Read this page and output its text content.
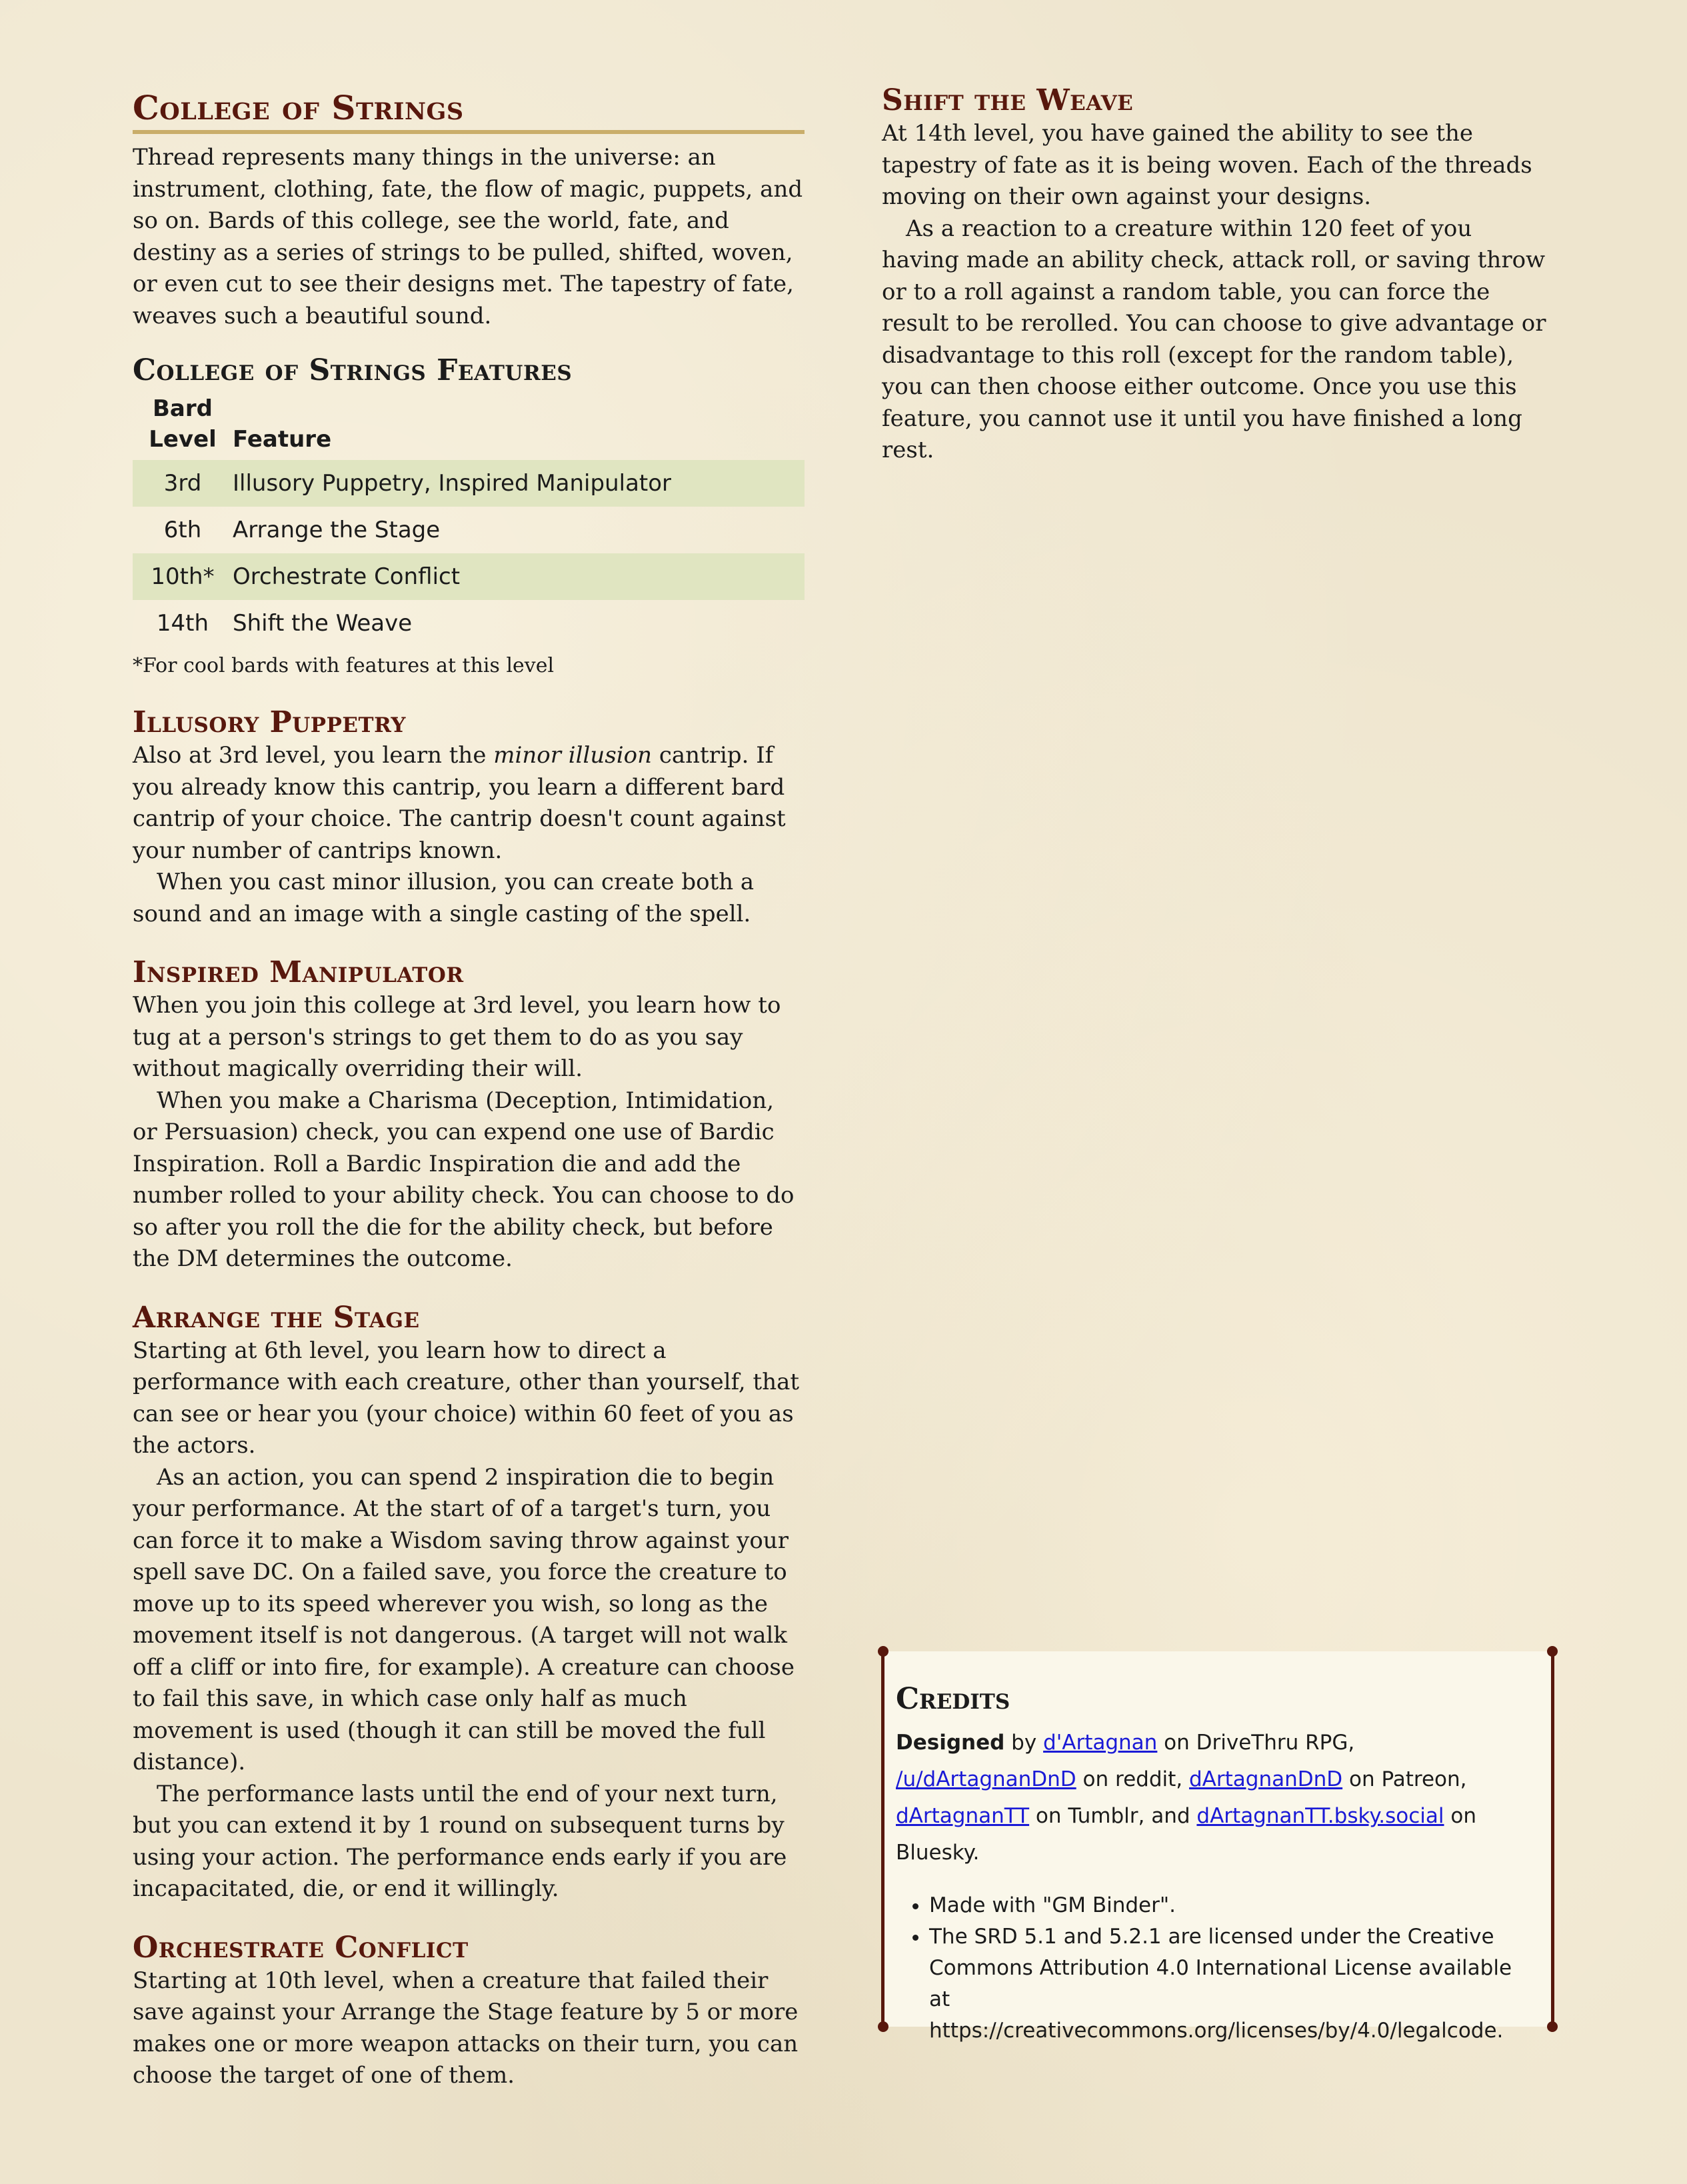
College of Strings

Thread represents many things in the universe: an instrument, clothing, fate, the flow of magic, puppets, and so on. Bards of this college, see the world, fate, and destiny as a series of strings to be pulled, shifted, woven, or even cut to see their designs met. The tapestry of fate, weaves such a beautiful sound.

College of Strings Features
Bard
Level	Feature
3rd	Illusory Puppetry, Inspired Manipulator
6th	Arrange the Stage
10th*	Orchestrate Conflict
14th	Shift the Weave

*For cool bards with features at this level

Illusory Puppetry

Also at 3rd level, you learn the minor illusion cantrip. If you already know this cantrip, you learn a different bard cantrip of your choice. The cantrip doesn't count against your number of cantrips known.

When you cast minor illusion, you can create both a sound and an image with a single casting of the spell.

Inspired Manipulator

When you join this college at 3rd level, you learn how to tug at a person's strings to get them to do as you say without magically overriding their will.

When you make a Charisma (Deception, Intimidation, or Persuasion) check, you can expend one use of Bardic Inspiration. Roll a Bardic Inspiration die and add the number rolled to your ability check. You can choose to do so after you roll the die for the ability check, but before the DM determines the outcome.

Arrange the Stage

Starting at 6th level, you learn how to direct a performance with each creature, other than yourself, that can see or hear you (your choice) within 60 feet of you as the actors.

As an action, you can spend 2 inspiration die to begin your performance. At the start of of a target's turn, you can force it to make a Wisdom saving throw against your spell save DC. On a failed save, you force the creature to move up to its speed wherever you wish, so long as the movement itself is not dangerous. (A target will not walk off a cliff or into fire, for example). A creature can choose to fail this save, in which case only half as much movement is used (though it can still be moved the full distance).

The performance lasts until the end of your next turn, but you can extend it by 1 round on subsequent turns by using your action. The performance ends early if you are incapacitated, die, or end it willingly.

Orchestrate Conflict

Starting at 10th level, when a creature that failed their save against your Arrange the Stage feature by 5 or more makes one or more weapon attacks on their turn, you can choose the target of one of them.

Shift the Weave

At 14th level, you have gained the ability to see the tapestry of fate as it is being woven. Each of the threads moving on their own against your designs.

As a reaction to a creature within 120 feet of you having made an ability check, attack roll, or saving throw or to a roll against a random table, you can force the result to be rerolled. You can choose to give advantage or disadvantage to this roll (except for the random table), you can then choose either outcome. Once you use this feature, you cannot use it until you have finished a long rest.

Credits

Designed by d'Artagnan on DriveThru RPG, /u/dArtagnanDnD on reddit, dArtagnanDnD on Patreon, dArtagnanTT on Tumblr, and dArtagnanTT.bsky.social on Bluesky.

• Made with "GM Binder".
• The SRD 5.1 and 5.2.1 are licensed under the Creative Commons Attribution 4.0 International License available at https://creativecommons.org/licenses/by/4.0/legalcode.
